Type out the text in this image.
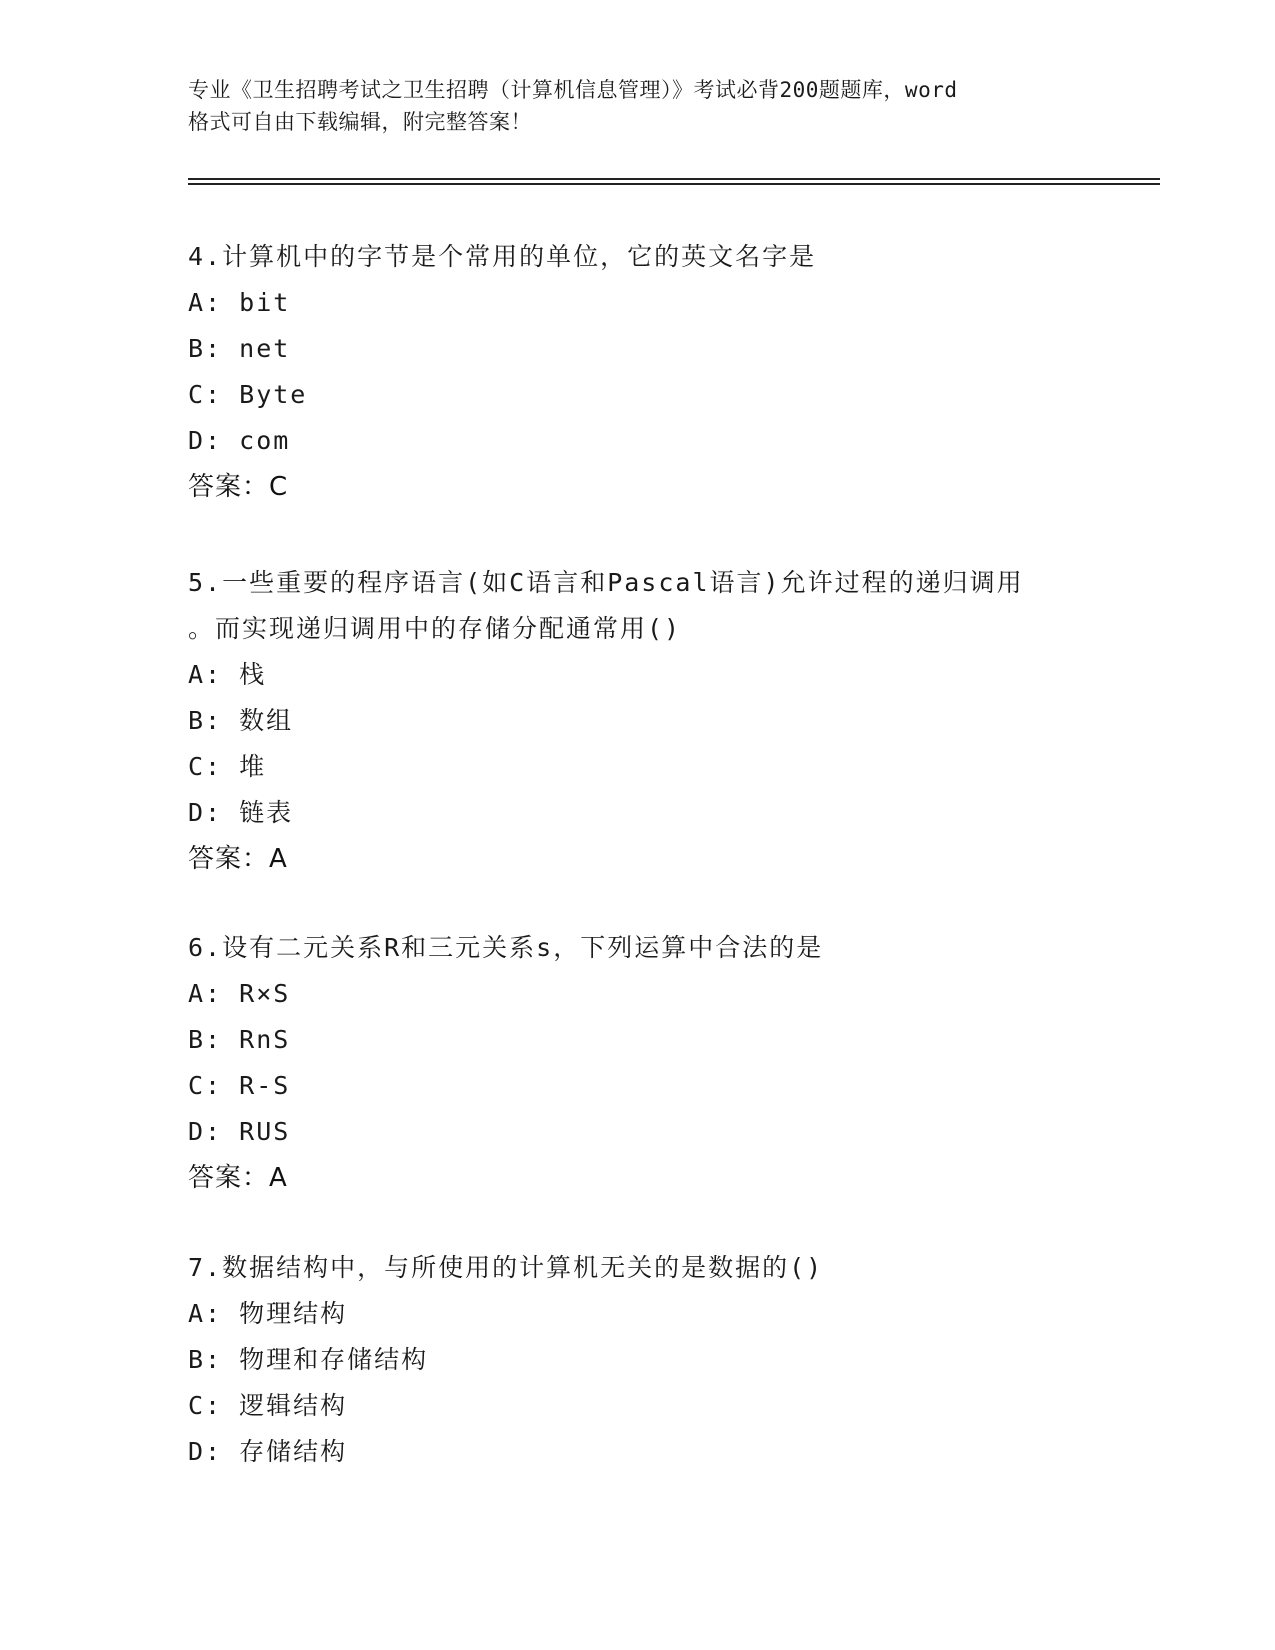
专业《卫生招聘考试之卫生招聘（计算机信息管理）》考试必背200题题库，word
格式可自由下载编辑，附完整答案！
4.计算机中的字节是个常用的单位，它的英文名字是
A: bit
B: net
C: Byte
D: com
答案：C
5.一些重要的程序语言(如C语言和Pascal语言)允许过程的递归调用
。而实现递归调用中的存储分配通常用()
A: 栈
B: 数组
C: 堆
D: 链表
答案：A
6.设有二元关系R和三元关系s，下列运算中合法的是
A: R×S
B: RnS
C: R-S
D: RUS
答案：A
7.数据结构中，与所使用的计算机无关的是数据的()
A: 物理结构
B: 物理和存储结构
C: 逻辑结构
D: 存储结构
